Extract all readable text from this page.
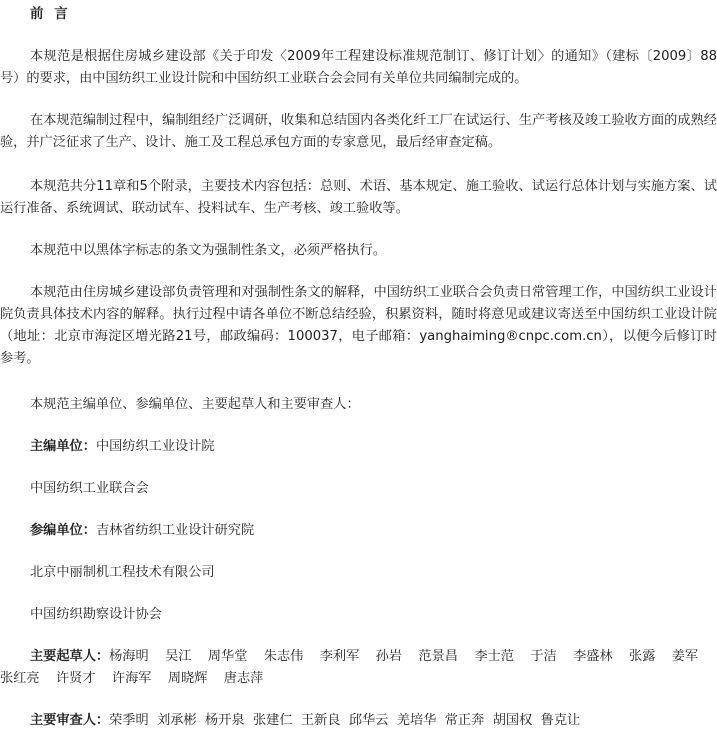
前 言

本规范是根据住房城乡建设部《关于印发〈2009年工程建设标准规范制订、修订计划〉的通知》（建标〔2009〕88号）的要求，由中国纺织工业设计院和中国纺织工业联合会会同有关单位共同编制完成的。

在本规范编制过程中，编制组经广泛调研，收集和总结国内各类化纤工厂在试运行、生产考核及竣工验收方面的成熟经验，并广泛征求了生产、设计、施工及工程总承包方面的专家意见，最后经审查定稿。

本规范共分11章和5个附录，主要技术内容包括：总则、术语、基本规定、施工验收、试运行总体计划与实施方案、试运行准备、系统调试、联动试车、投料试车、生产考核、竣工验收等。

本规范中以黑体字标志的条文为强制性条文，必须严格执行。

本规范由住房城乡建设部负责管理和对强制性条文的解释，中国纺织工业联合会负责日常管理工作，中国纺织工业设计院负责具体技术内容的解释。执行过程中请各单位不断总结经验，积累资料，随时将意见或建议寄送至中国纺织工业设计院（地址：北京市海淀区增光路21号，邮政编码：100037，电子邮箱：yanghaiming®cnpc.com.cn），以便今后修订时参考。

本规范主编单位、参编单位、主要起草人和主要审查人：

主编单位：中国纺织工业设计院

中国纺织工业联合会

参编单位：吉林省纺织工业设计研究院

北京中丽制机工程技术有限公司

中国纺织勘察设计协会

主要起草人：杨海明  吴江  周华堂  朱志伟  李利军  孙岩  范景昌  李士范  于洁  李盛林  张露  姜军  张红亮  许贤才  许海军  周晓辉  唐志萍

主要审查人：荣季明  刘承彬  杨开泉  张建仁  王新良  邱华云  羌培华  常正奔  胡国权  鲁克让
